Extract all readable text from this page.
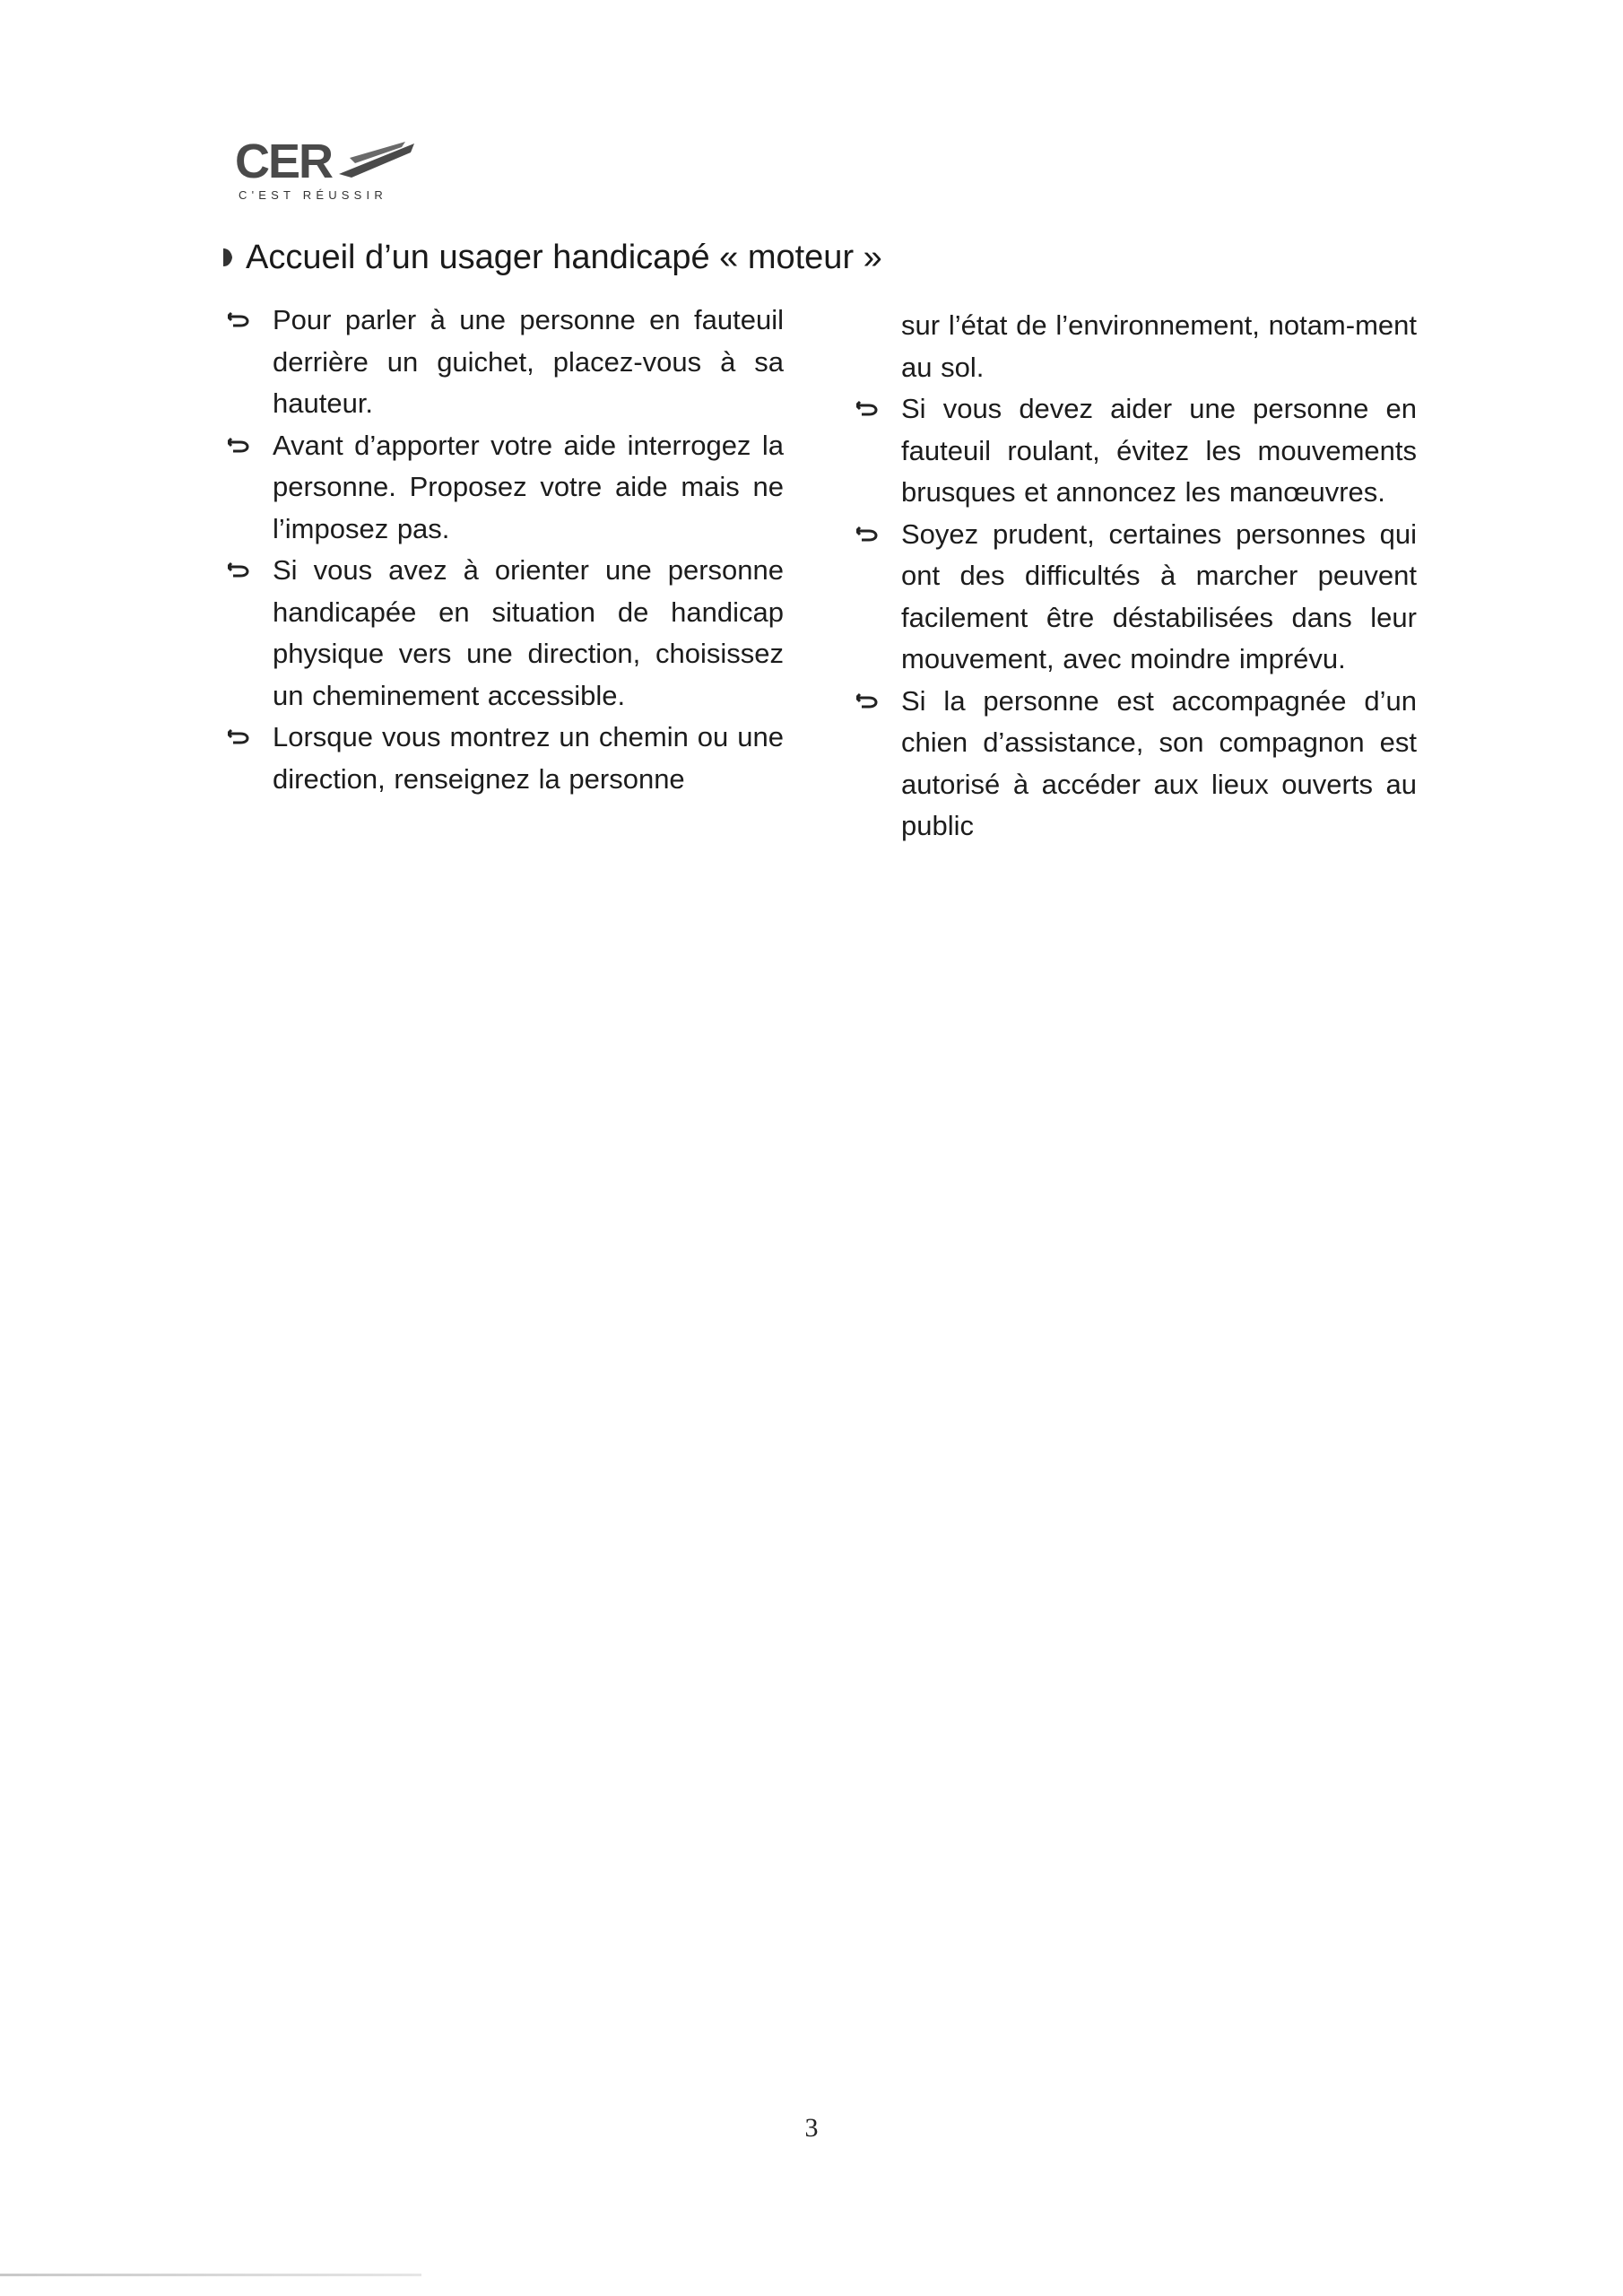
CER
C'EST RÉUSSIR
Accueil d’un usager handicapé « moteur »
Pour parler à une personne en fauteuil derrière un guichet, placez-vous à sa hauteur.
Avant d’apporter votre aide interrogez la personne. Proposez votre aide mais ne l’imposez pas.
Si vous avez à orienter une personne handicapée en situation de handicap physique vers une direction, choisissez un cheminement accessible.
Lorsque vous montrez un chemin ou une direction, renseignez la personne
sur l’état de l’environnement, notam-ment au sol.
Si vous devez aider une personne en fauteuil roulant, évitez les mouvements brusques et annoncez les manœuvres.
Soyez prudent, certaines personnes qui ont des difficultés à marcher peuvent facilement être déstabilisées dans leur mouvement, avec moindre imprévu.
Si la personne est accompagnée d’un chien d’assistance, son compagnon est autorisé à accéder aux lieux ouverts au public
3
